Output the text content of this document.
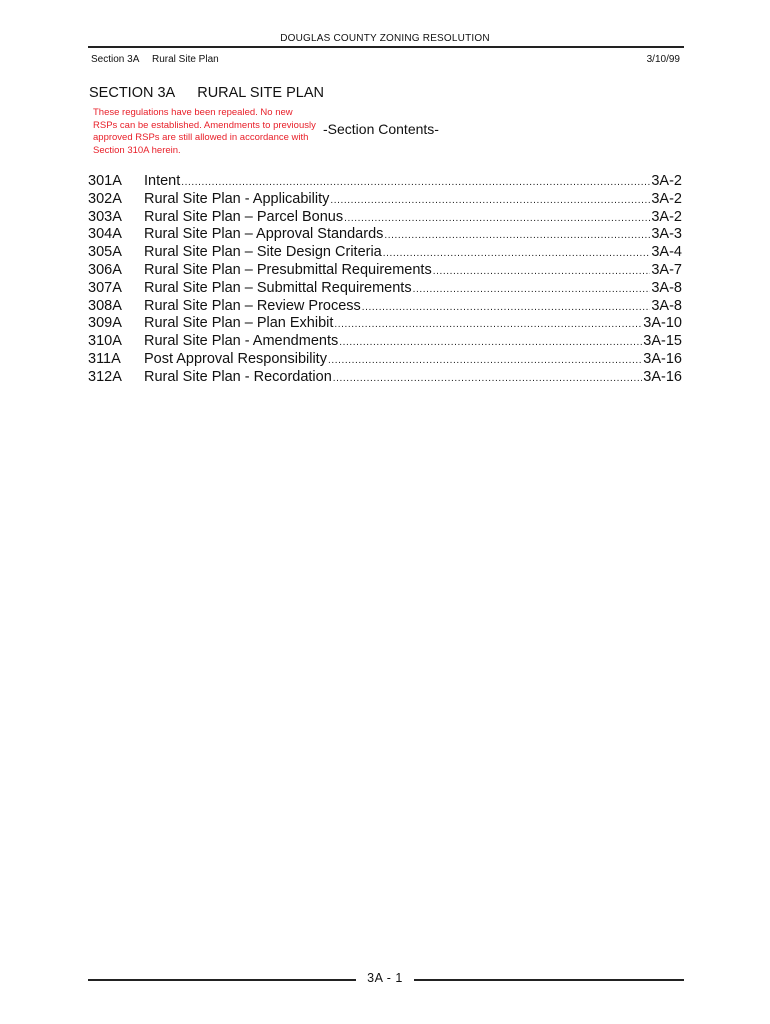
DOUGLAS COUNTY ZONING RESOLUTION
Section 3A Rural Site Plan	3/10/99
SECTION 3A RURAL SITE PLAN
These regulations have been repealed. No new RSPs can be established. Amendments to previously approved RSPs are still allowed in accordance with Section 310A herein.
-Section Contents-
301A	Intent .....	3A-2
302A	Rural Site Plan - Applicability .....	3A-2
303A	Rural Site Plan – Parcel Bonus .....	3A-2
304A	Rural Site Plan – Approval Standards .....	3A-3
305A	Rural Site Plan – Site Design Criteria .....	3A-4
306A	Rural Site Plan – Presubmittal Requirements .....	3A-7
307A	Rural Site Plan – Submittal Requirements .....	3A-8
308A	Rural Site Plan – Review Process .....	3A-8
309A	Rural Site Plan – Plan Exhibit .....	3A-10
310A	Rural Site Plan - Amendments .....	3A-15
311A	Post Approval Responsibility .....	3A-16
312A	Rural Site Plan - Recordation .....	3A-16
3A - 1
